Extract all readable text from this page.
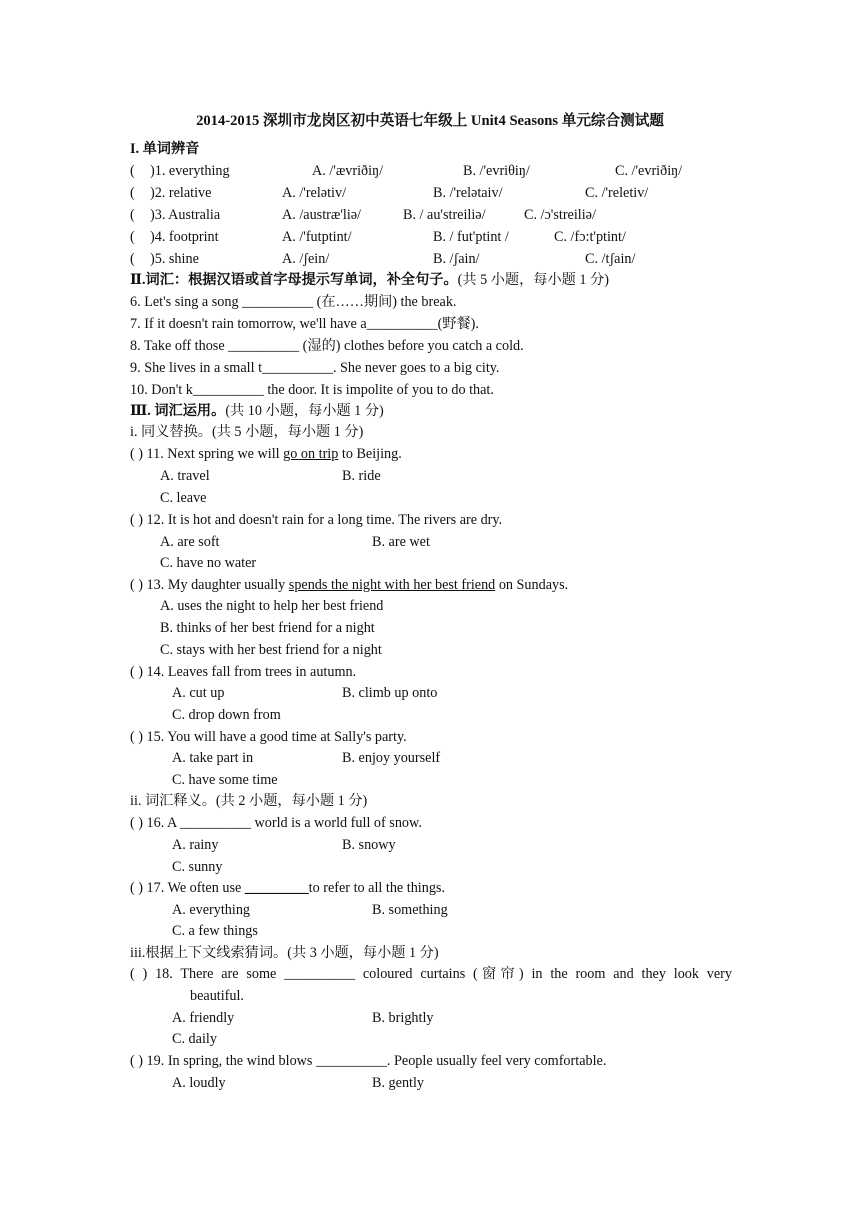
2014-2015 深圳市龙岗区初中英语七年级上 Unit4 Seasons 单元综合测试题
I. 单词辨音
( )1. everything	A. /'ævriðiŋ/	B. /'evriθiŋ/	C. /'evriðiŋ/
( )2. relative	A. /'relətiv/	B. /'relətaiv/	C. /'reletiv/
( )3. Australia	A. /austræ'liə/	B. / au'streiliə/	C. /ɔ'streiliə/
( )4. footprint	A. /'futptint/	B. / fut'ptint /	C. /fɔ:t'ptint/
( )5. shine	A. /ʃein/	B. /ʃain/	C. /tʃain/
Ⅱ.词汇：根据汉语或首字母提示写单词，补全句子。(共 5 小题，每小题 1 分)
6. Let's sing a song __________ (在……期间) the break.
7. If it doesn't rain tomorrow, we'll have a__________(野餐).
8. Take off those __________ (湿的) clothes before you catch a cold.
9. She lives in a small t__________. She never goes to a big city.
10. Don't k__________ the door. It is impolite of you to do that.
Ⅲ. 词汇运用。(共 10 小题，每小题 1 分)
i. 同义替换。(共 5 小题，每小题 1 分)
( ) 11. Next spring we will go on trip to Beijing.
A. travel	B. ride
C. leave
( ) 12. It is hot and doesn't rain for a long time. The rivers are dry.
A. are soft	B. are wet
C. have no water
( ) 13. My daughter usually spends the night with her best friend on Sundays.
A. uses the night to help her best friend
B. thinks of her best friend for a night
C. stays with her best friend for a night
( ) 14. Leaves fall from trees in autumn.
A. cut up	B. climb up onto
C. drop down from
( ) 15. You will have a good time at Sally's party.
A. take part in	B. enjoy yourself
C. have some time
ii. 词汇释义。(共 2 小题，每小题 1 分)
( ) 16. A __________ world is a world full of snow.
A. rainy	B. snowy
C. sunny
( ) 17. We often use _________to refer to all the things.
A. everything	B. something
C. a few things
iii.根据上下文线索猜词。(共 3 小题，每小题 1 分)
( ) 18. There are some __________ coloured curtains (窗帘) in the room and they look very
beautiful.
A. friendly	B. brightly
C. daily
( ) 19. In spring, the wind blows __________. People usually feel very comfortable.
A. loudly	B. gently
